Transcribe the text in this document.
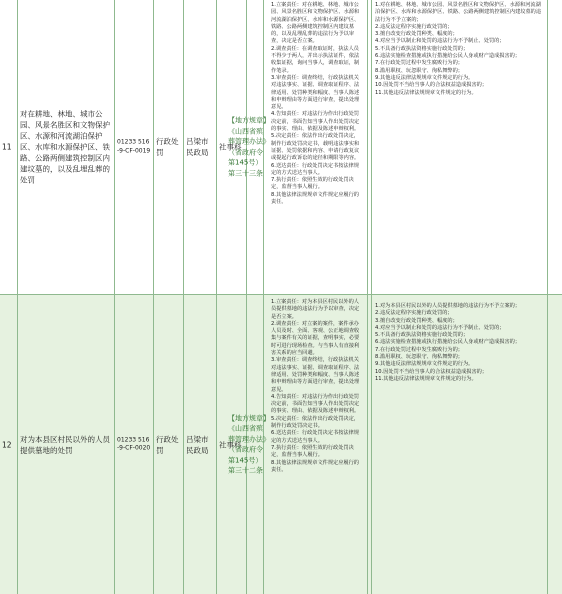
11
对在耕地、林地、城市公园、风景名胜区和文物保护区、水源和河流湖泊保护区、水库和水源保护区、铁路、公路两侧建筑控制区内建坟墓的，以及乱埋乱葬的处罚
01233 516-9-CF-0019
行政处罚
吕梁市民政局
社事科
【地方规章】《山西省殡葬管理办法》（省政府令第145号）第三十三条

1.立案责任：对在耕地、林地、城市公园、风景名胜区和文物保护区、水源和河流湖泊保护区、水库和水源保护区、铁路、公路两侧建筑控制区内建坟墓的，以及乱埋乱葬的违法行为予以审查，决定是否立案。

2.调查责任：在调查取证时，执法人员不得少于两人，并出示执法证件，依法收集证据，询问当事人，调查取证，制作笔录。

3.审查责任：调查终结，行政执法机关对违法事实、证据、调查取证程序、法律适用、处罚种类和幅度、当事人陈述和申辩理由等方面进行审查，提出处理意见。

4.告知责任：对违法行为作出行政处罚决定前，书面告知当事人作出处罚决定的事实、理由、依据及陈述申辩权利。

5.决定责任：依法作出行政处罚决定，制作行政处罚决定书，载明违法事实和证据、处罚依据和内容、申请行政复议或提起行政诉讼的途径和期限等内容。

6.送达责任：行政处罚决定书按法律规定的方式送达当事人。

7.执行责任：依照生效的行政处罚决定，监督当事人履行。

8.其他法律法规规章文件规定应履行的责任。

1.对在耕地、林地、城市公园、风景名胜区和文物保护区、水源和河流湖泊保护区、水库和水源保护区、铁路、公路两侧建筑控制区内建坟墓的违法行为不予立案的；

2.违反法定程序实施行政处罚的；

3.擅自改变行政处罚种类、幅度的；

4.对应当予以制止和处罚的违法行为不予制止、处罚的；

5.不具备行政执法资格实施行政处罚的；

6.违法实施检查措施或执行措施给公民人身或财产造成损害的；

7.在行政处罚过程中发生腐败行为的；

8.滥用职权、玩忽职守、徇私舞弊的；

9.其他违反法律法规规章文件规定的行为。

10.因处罚不当给当事人的合法权益造成损害的；

11.其他违反法律法规规章文件规定的行为。

12
对为本县区村民以外的人员提供墓地的处罚
01233 516-9-CF-0020
行政处罚
吕梁市民政局
社事科
【地方规章】《山西省殡葬管理办法》（省政府令第145号）第三十二条

1.立案责任：对为本县区村民以外的人员提供墓地的违法行为予以审查，决定是否立案。

2.调查责任：对立案的案件，案件承办人员及时、全面、客观、公正地调查收集与案件有关的证据，查明事实，必要时可进行现场检查。与当事人有直接利害关系的应当回避。

3.审查责任：调查终结，行政执法机关对违法事实、证据、调查取证程序、法律适用、处罚种类和幅度、当事人陈述和申辩理由等方面进行审查，提出处理意见。

4.告知责任：对违法行为作出行政处罚决定前，书面告知当事人作出处罚决定的事实、理由、依据及陈述申辩权利。

5.决定责任：依法作出行政处罚决定，制作行政处罚决定书。

6.送达责任：行政处罚决定书按法律规定的方式送达当事人。

7.执行责任：依照生效的行政处罚决定，监督当事人履行。

8.其他法律法规规章文件规定应履行的责任。

1.对为本县区村民以外的人员提供墓地的违法行为不予立案的；

2.违反法定程序实施行政处罚的；

3.擅自改变行政处罚种类、幅度的；

4.对应当予以制止和处罚的违法行为不予制止、处罚的；

5.不具备行政执法资格实施行政处罚的；

6.违法实施检查措施或执行措施给公民人身或财产造成损害的；

7.在行政处罚过程中发生腐败行为的；

8.滥用职权、玩忽职守、徇私舞弊的；

9.其他违反法律法规规章文件规定的行为。

10.因处罚不当给当事人的合法权益造成损害的；

11.其他违反法律法规规章文件规定的行为。
